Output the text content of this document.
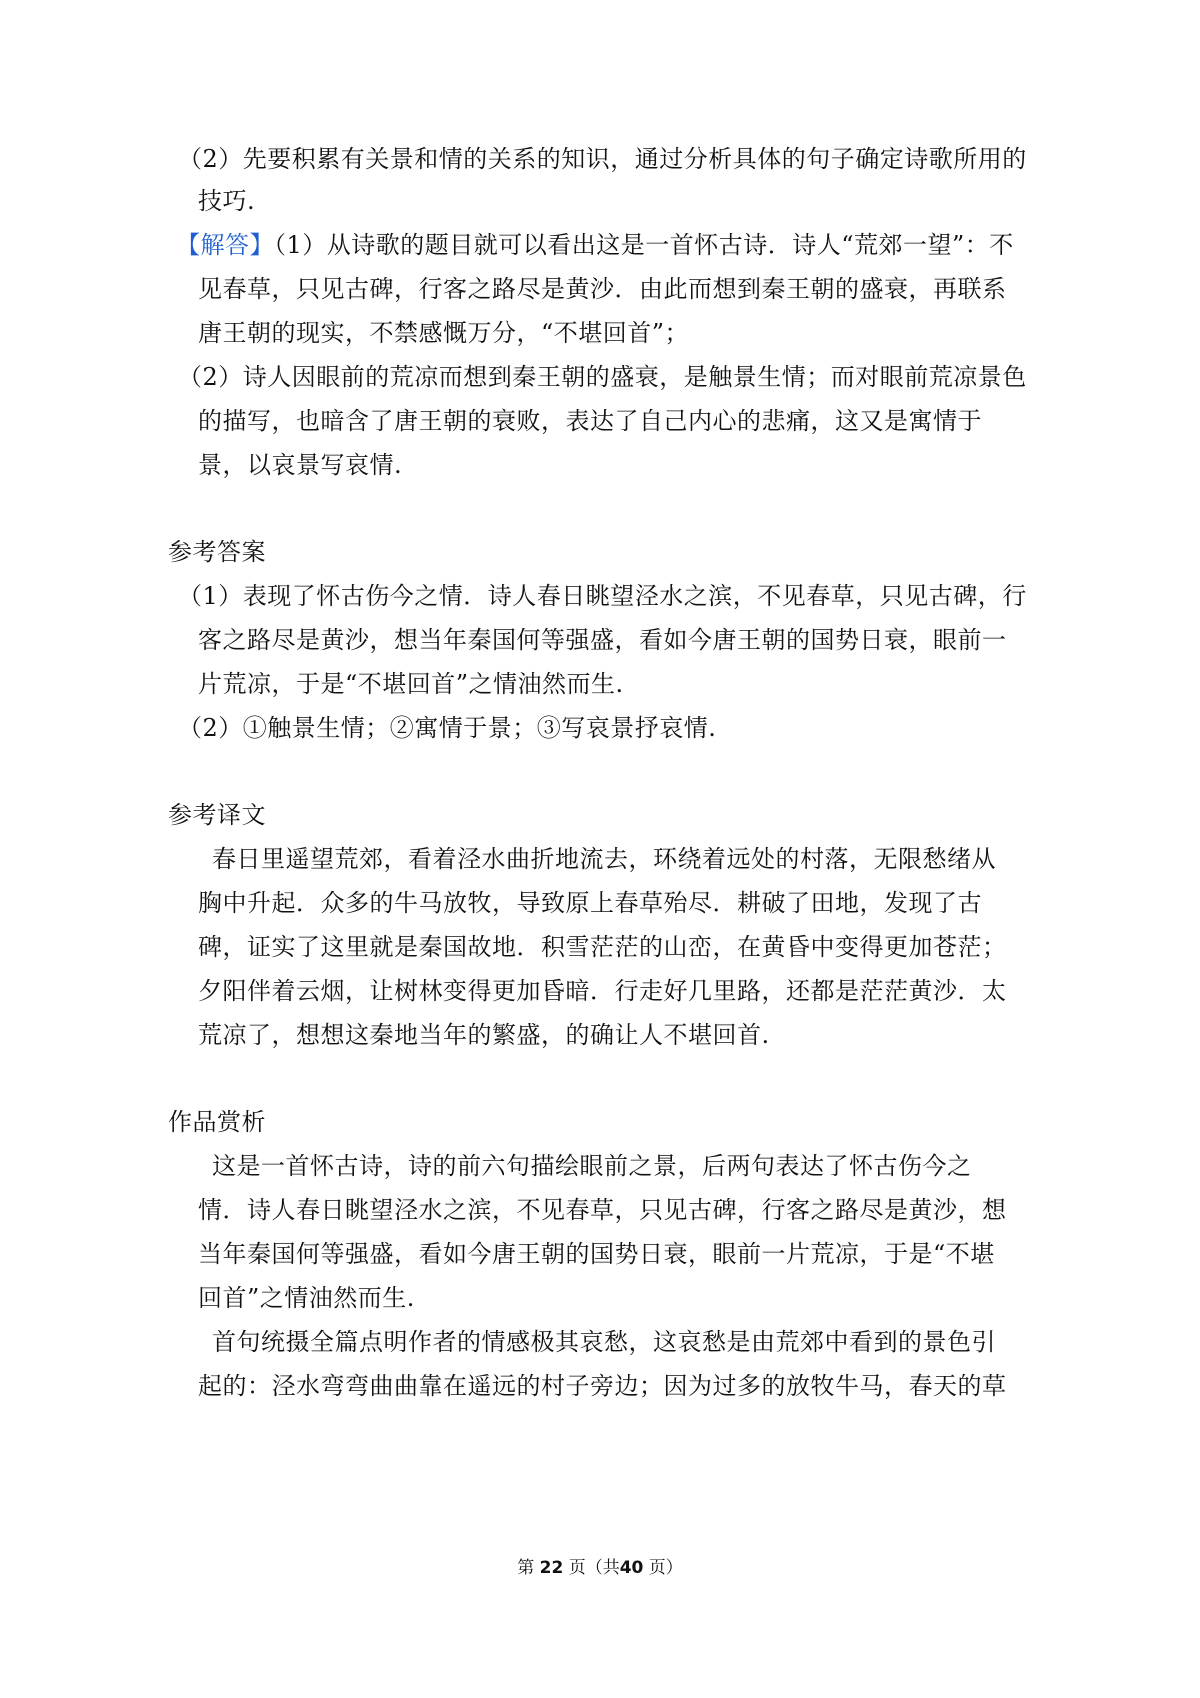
（2）先要积累有关景和情的关系的知识，通过分析具体的句子确定诗歌所用的
技巧.
【解答】（1）从诗歌的题目就可以看出这是一首怀古诗．诗人“荒郊一望”：不
见春草，只见古碑，行客之路尽是黄沙．由此而想到秦王朝的盛衰，再联系
唐王朝的现实，不禁感慨万分，“不堪回首”；
（2）诗人因眼前的荒凉而想到秦王朝的盛衰，是触景生情；而对眼前荒凉景色
的描写，也暗含了唐王朝的衰败，表达了自己内心的悲痛，这又是寓情于
景，以哀景写哀情.
参考答案
（1）表现了怀古伤今之情．诗人春日眺望泾水之滨，不见春草，只见古碑，行
客之路尽是黄沙，想当年秦国何等强盛，看如今唐王朝的国势日衰，眼前一
片荒凉，于是“不堪回首”之情油然而生.
（2）①触景生情；②寓情于景；③写哀景抒哀情.
参考译文
春日里遥望荒郊，看着泾水曲折地流去，环绕着远处的村落，无限愁绪从
胸中升起．众多的牛马放牧，导致原上春草殆尽．耕破了田地，发现了古
碑，证实了这里就是秦国故地．积雪茫茫的山峦，在黄昏中变得更加苍茫；
夕阳伴着云烟，让树林变得更加昏暗．行走好几里路，还都是茫茫黄沙．太
荒凉了，想想这秦地当年的繁盛，的确让人不堪回首.
作品赏析
这是一首怀古诗，诗的前六句描绘眼前之景，后两句表达了怀古伤今之
情．诗人春日眺望泾水之滨，不见春草，只见古碑，行客之路尽是黄沙，想
当年秦国何等强盛，看如今唐王朝的国势日衰，眼前一片荒凉，于是“不堪
回首”之情油然而生.
首句统摄全篇点明作者的情感极其哀愁，这哀愁是由荒郊中看到的景色引
起的：泾水弯弯曲曲靠在遥远的村子旁边；因为过多的放牧牛马，春天的草
第 22 页（共40 页）
